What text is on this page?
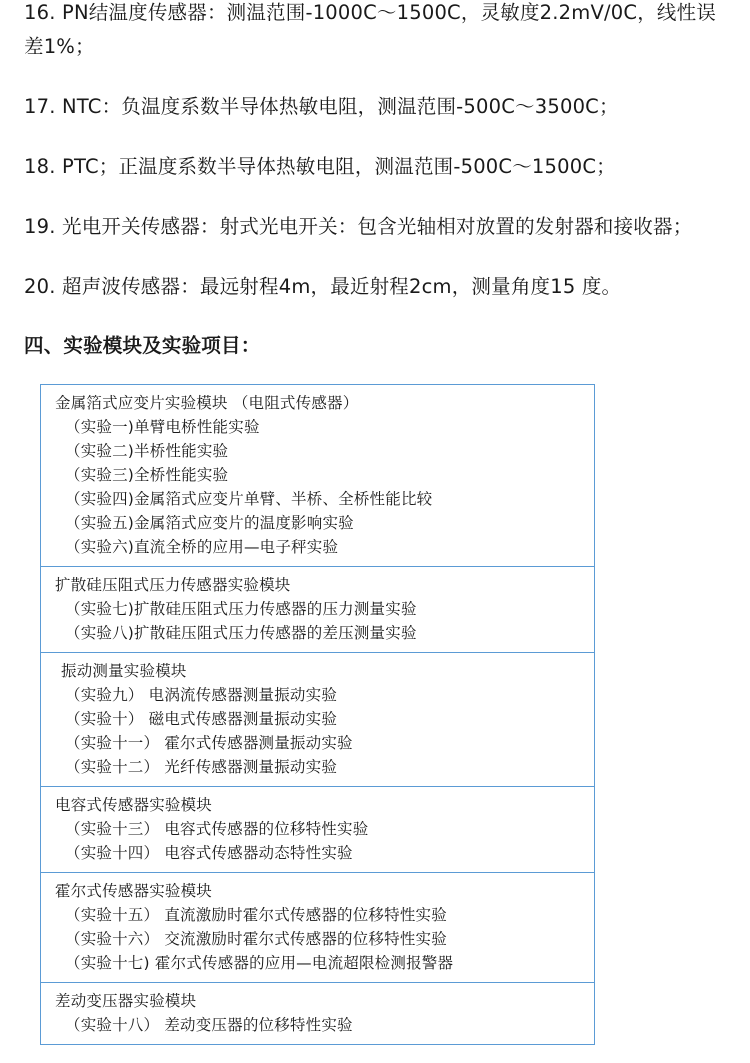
16. PN结温度传感器：测温范围-1000C～1500C，灵敏度2.2mV/0C，线性误差1%；

17. NTC：负温度系数半导体热敏电阻，测温范围-500C～3500C；

18. PTC；正温度系数半导体热敏电阻，测温范围-500C～1500C；

19. 光电开关传感器：射式光电开关：包含光轴相对放置的发射器和接收器；

20. 超声波传感器：最远射程4m，最近射程2cm，测量角度15 度。

四、实验模块及实验项目：
金属箔式应变片实验模块 （电阻式传感器）
（实验一)单臂电桥性能实验
（实验二)半桥性能实验
（实验三)全桥性能实验
（实验四)金属箔式应变片单臂、半桥、全桥性能比较
（实验五)金属箔式应变片的温度影响实验
（实验六)直流全桥的应用—电子秤实验
扩散硅压阻式压力传感器实验模块
（实验七)扩散硅压阻式压力传感器的压力测量实验
（实验八)扩散硅压阻式压力传感器的差压测量实验
振动测量实验模块
（实验九） 电涡流传感器测量振动实验
（实验十） 磁电式传感器测量振动实验
（实验十一） 霍尔式传感器测量振动实验
（实验十二） 光纤传感器测量振动实验
电容式传感器实验模块
（实验十三） 电容式传感器的位移特性实验
（实验十四） 电容式传感器动态特性实验
霍尔式传感器实验模块
（实验十五） 直流激励时霍尔式传感器的位移特性实验
（实验十六） 交流激励时霍尔式传感器的位移特性实验
（实验十七) 霍尔式传感器的应用—电流超限检测报警器
差动变压器实验模块
（实验十八） 差动变压器的位移特性实验
